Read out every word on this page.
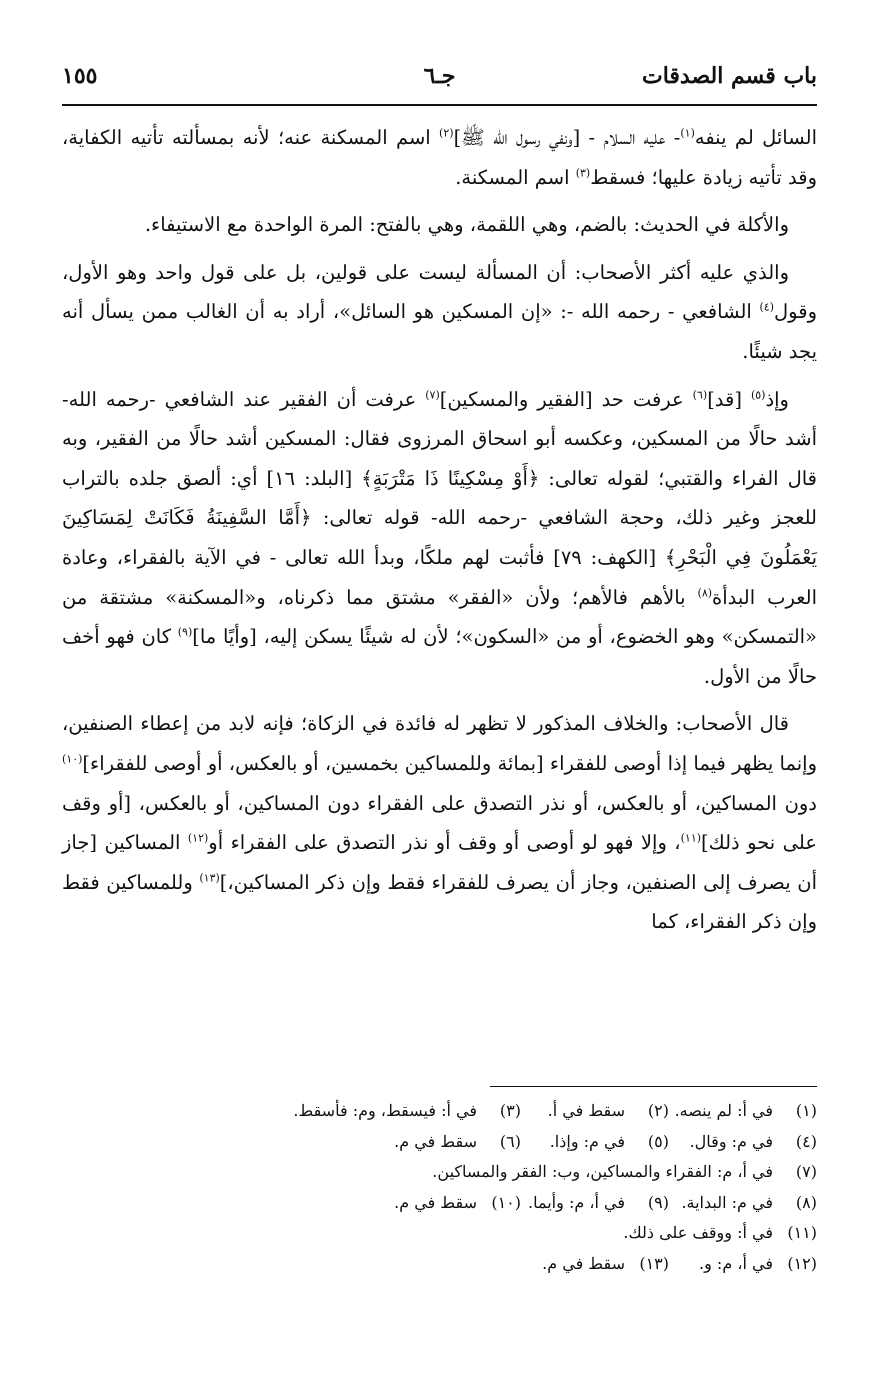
باب قسم الصدقات
جـ٦
١٥٥

السائل لم ينفه$^{(١)}$- عليه السلام - [ونفي رسول الله ﷺ]$^{(٢)}$ اسم المسكنة عنه؛ لأنه بمسألته تأتيه الكفاية، وقد تأتيه زيادة عليها؛ فسقط$^{(٣)}$ اسم المسكنة.

والأكلة في الحديث: بالضم، وهي اللقمة، وهي بالفتح: المرة الواحدة مع الاستيفاء.

والذي عليه أكثر الأصحاب: أن المسألة ليست على قولين، بل على قول واحد وهو الأول، وقول$^{(٤)}$ الشافعي - رحمه الله -: «إن المسكين هو السائل»، أراد به أن الغالب ممن يسأل أنه يجد شيئًا.

وإذ$^{(٥)}$ [قد]$^{(٦)}$ عرفت حد [الفقير والمسكين]$^{(٧)}$ عرفت أن الفقير عند الشافعي -رحمه الله- أشد حالًا من المسكين، وعكسه أبو اسحاق المرزوى فقال: المسكين أشد حالًا من الفقير، وبه قال الفراء والقتبي؛ لقوله تعالى: ﴿أَوْ مِسْكِينًا ذَا مَتْرَبَةٍ﴾ [البلد: ١٦] أي: ألصق جلده بالتراب للعجز وغير ذلك، وحجة الشافعي -رحمه الله- قوله تعالى: ﴿أَمَّا السَّفِينَةُ فَكَانَتْ لِمَسَاكِينَ يَعْمَلُونَ فِي الْبَحْرِ﴾ [الكهف: ٧٩] فأثبت لهم ملكًا، وبدأ الله تعالى - في الآية بالفقراء، وعادة العرب البدأة$^{(٨)}$ بالأهم فالأهم؛ ولأن «الفقر» مشتق مما ذكرناه، و«المسكنة» مشتقة من «التمسكن» وهو الخضوع، أو من «السكون»؛ لأن له شيئًا يسكن إليه، [وأيًا ما]$^{(٩)}$ كان فهو أخف حالًا من الأول.

قال الأصحاب: والخلاف المذكور لا تظهر له فائدة في الزكاة؛ فإنه لابد من إعطاء الصنفين، وإنما يظهر فيما إذا أوصى للفقراء [بمائة وللمساكين بخمسين، أو بالعكس، أو أوصى للفقراء]$^{(١٠)}$ دون المساكين، أو بالعكس، أو نذر التصدق على الفقراء دون المساكين، أو بالعكس، [أو وقف على نحو ذلك]$^{(١١)}$، وإلا فهو لو أوصى أو وقف أو نذر التصدق على الفقراء أو$^{(١٢)}$ المساكين [جاز أن يصرف إلى الصنفين، وجاز أن يصرف للفقراء فقط وإن ذكر المساكين،]$^{(١٣)}$ وللمساكين فقط وإن ذكر الفقراء، كما

(١)
في أ: لم ينصه.
(٢)
سقط في أ.
(٣)
في أ: فيسقط، وم: فأسقط.
(٤)
في م: وقال.
(٥)
في م: وإذا.
(٦)
سقط في م.
(٧)
في أ، م: الفقراء والمساكين، وب: الفقر والمساكين.
(٨)
في م: البداية.
(٩)
في أ، م: وأيما.
(١٠)
سقط في م.
(١١)
في أ: ووقف على ذلك.
(١٢)
في أ، م: و.
(١٣)
سقط في م.
